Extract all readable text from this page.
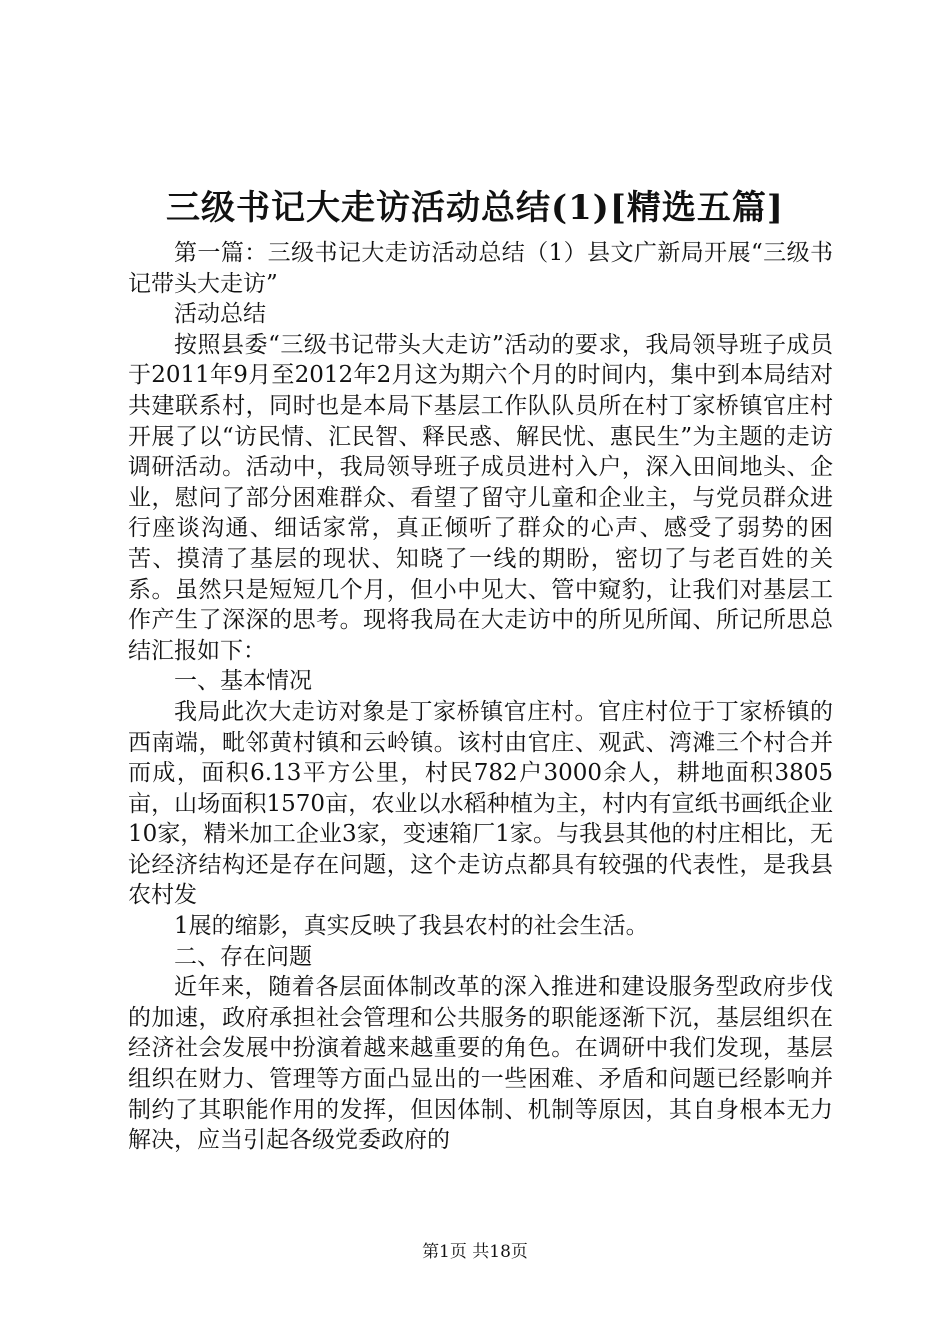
三级书记大走访活动总结(1)[精选五篇]

第一篇：三级书记大走访活动总结（1）县文广新局开展“三级书记带头大走访”

活动总结

按照县委“三级书记带头大走访”活动的要求，我局领导班子成员于2011年9月至2012年2月这为期六个月的时间内，集中到本局结对共建联系村，同时也是本局下基层工作队队员所在村丁家桥镇官庄村开展了以“访民情、汇民智、释民惑、解民忧、惠民生”为主题的走访调研活动。活动中，我局领导班子成员进村入户，深入田间地头、企业，慰问了部分困难群众、看望了留守儿童和企业主，与党员群众进行座谈沟通、细话家常，真正倾听了群众的心声、感受了弱势的困苦、摸清了基层的现状、知晓了一线的期盼，密切了与老百姓的关系。虽然只是短短几个月，但小中见大、管中窥豹，让我们对基层工作产生了深深的思考。现将我局在大走访中的所见所闻、所记所思总结汇报如下：

一、基本情况

我局此次大走访对象是丁家桥镇官庄村。官庄村位于丁家桥镇的西南端，毗邻黄村镇和云岭镇。该村由官庄、观武、湾滩三个村合并而成，面积6.13平方公里，村民782户3000余人，耕地面积3805亩，山场面积1570亩，农业以水稻种植为主，村内有宣纸书画纸企业10家，精米加工企业3家，变速箱厂1家。与我县其他的村庄相比，无论经济结构还是存在问题，这个走访点都具有较强的代表性，是我县农村发

1展的缩影，真实反映了我县农村的社会生活。

二、存在问题

近年来，随着各层面体制改革的深入推进和建设服务型政府步伐的加速，政府承担社会管理和公共服务的职能逐渐下沉，基层组织在经济社会发展中扮演着越来越重要的角色。在调研中我们发现，基层组织在财力、管理等方面凸显出的一些困难、矛盾和问题已经影响并制约了其职能作用的发挥，但因体制、机制等原因，其自身根本无力解决，应当引起各级党委政府的

第1页 共18页
